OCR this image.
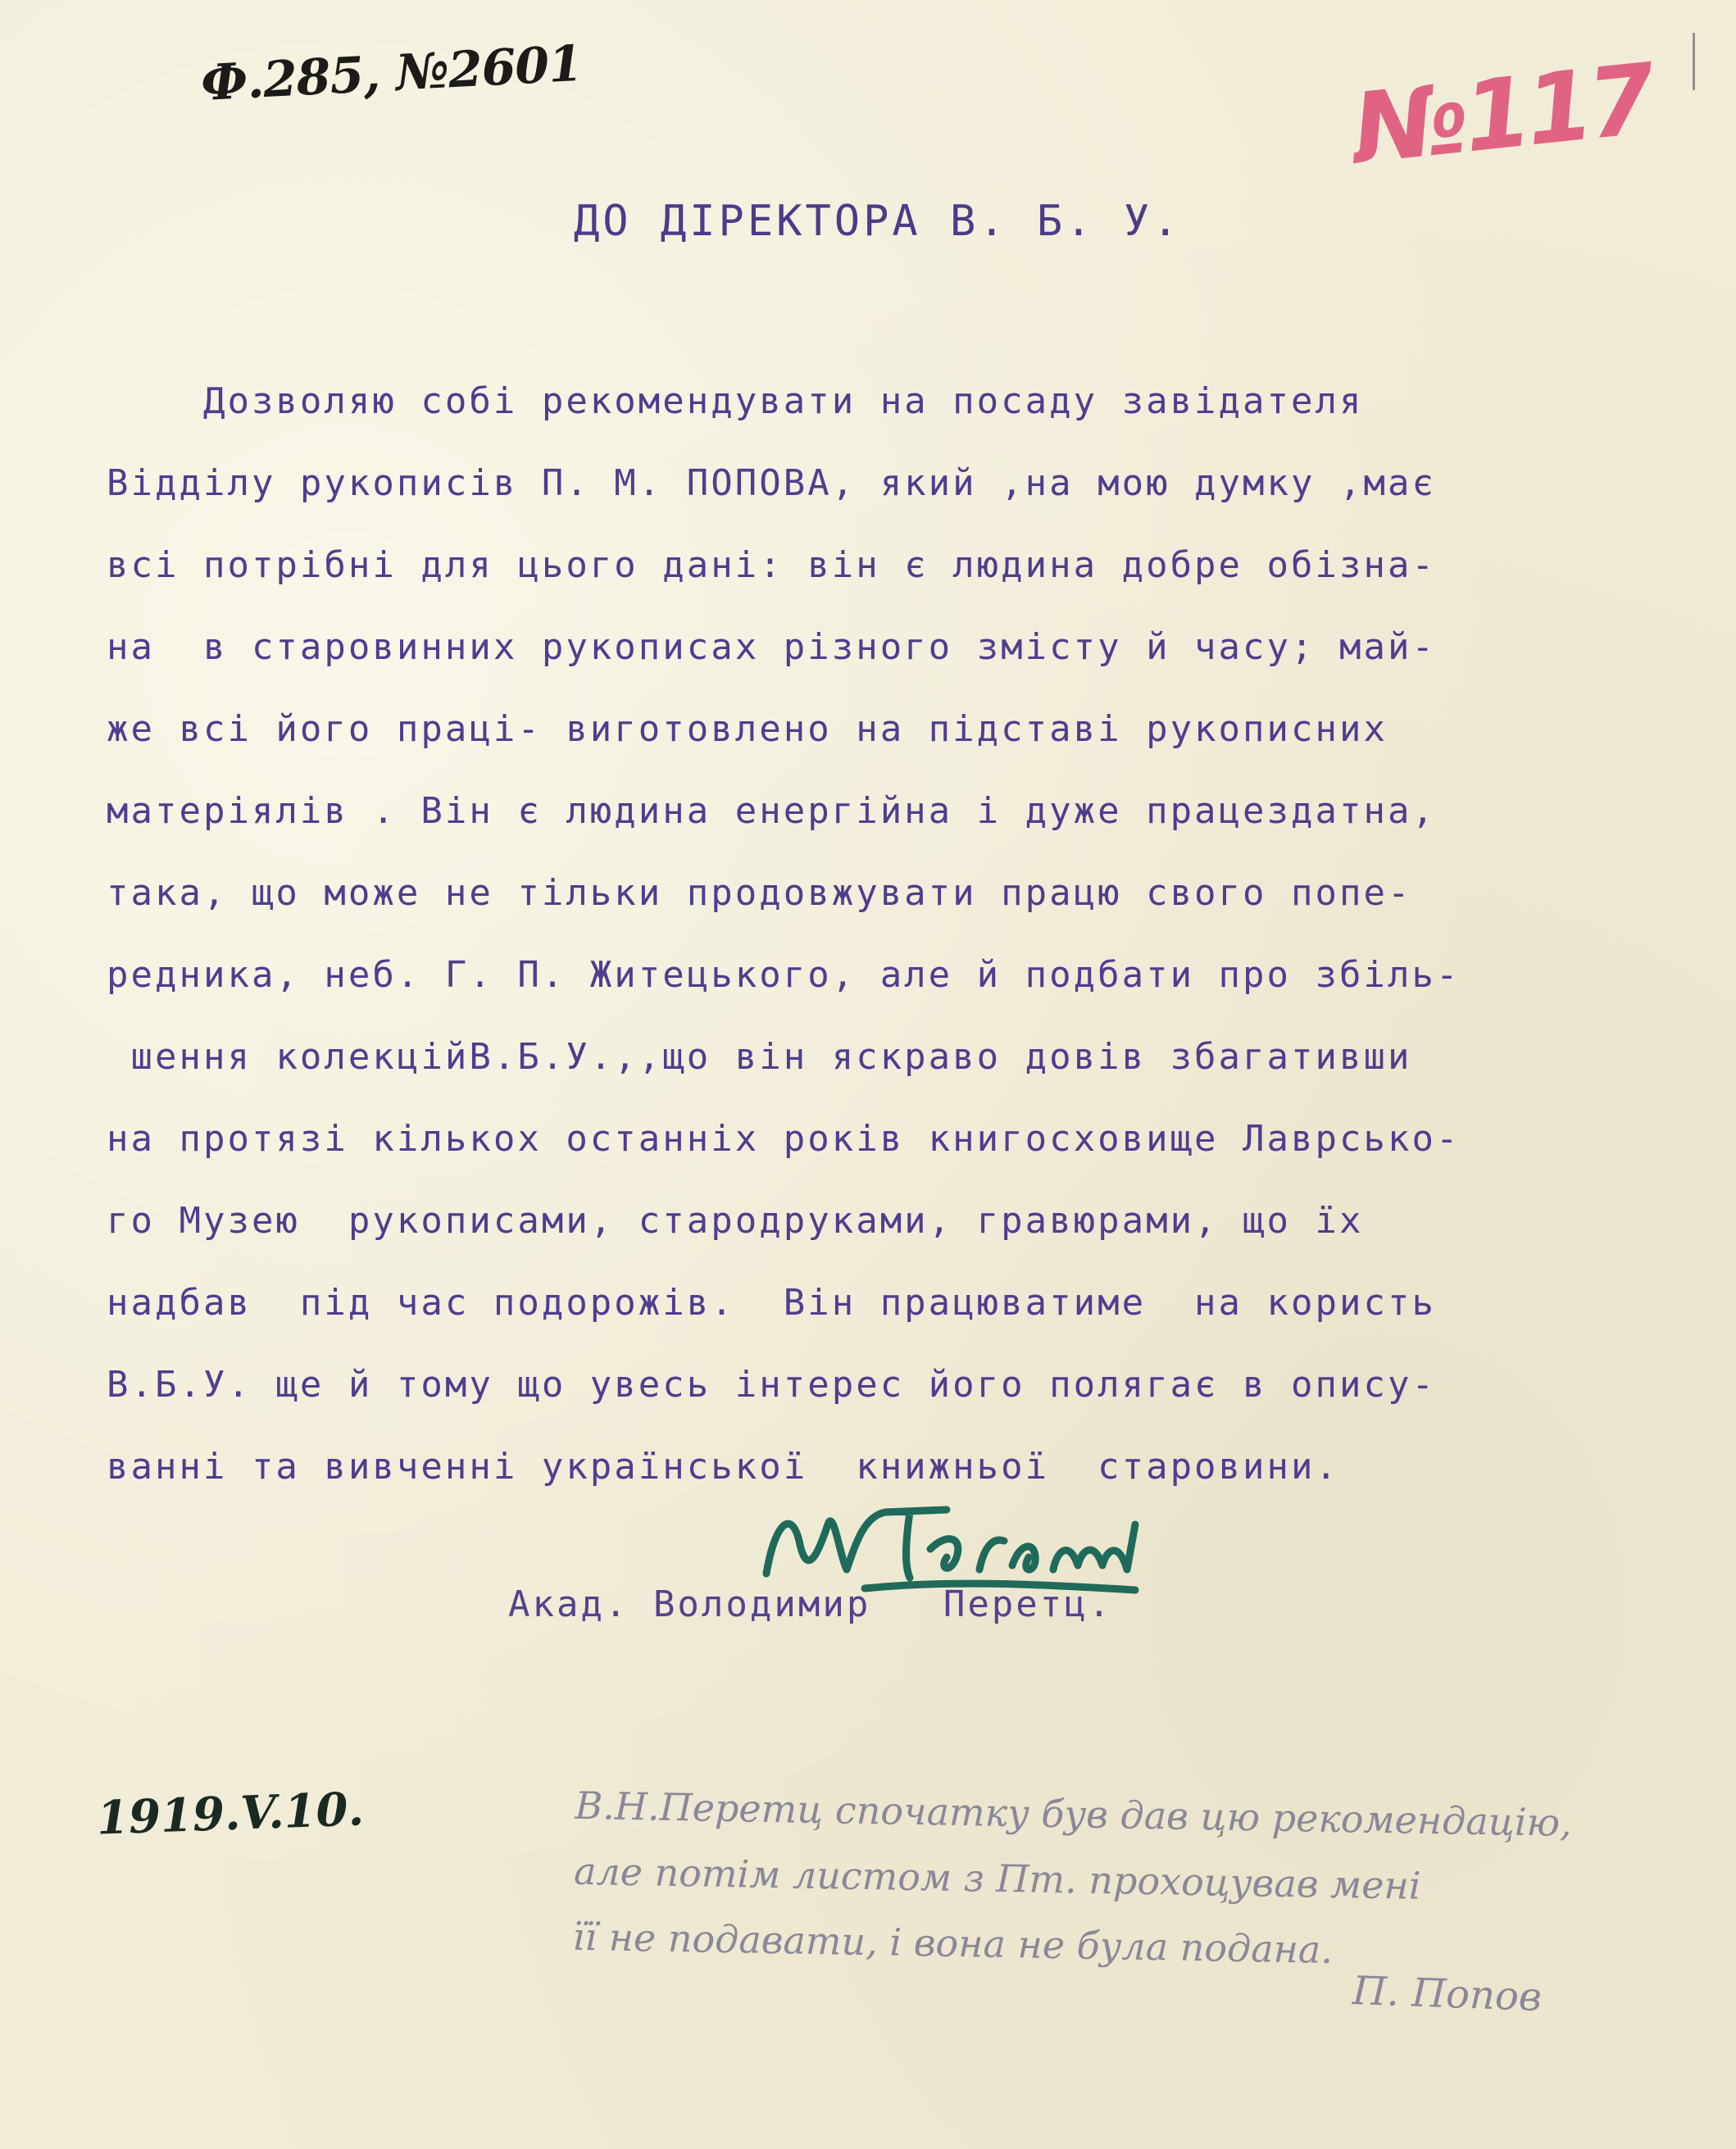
Ф.285, №2601	№117
ДО ДІРЕКТОРА В. Б. У.
Дозволяю собі рекомендувати на посаду завідателя
Відділу рукописів П. М. ПОПОВА, який ,на мою думку ,має
всі потрібні для цього дані: він є людина добре обізна-
на  в старовинних рукописах різного змісту й часу; май-
же всі його праці- виготовлено на підставі рукописних
матеріялів . Він є людина енергійна і дуже працездатна,
така, що може не тільки продовжувати працю свого попе-
редника, неб. Г. П. Житецького, але й подбати про збіль-
шення колекційВ.Б.У.,,що він яскраво довів збагативши
на протязі кількох останніх років книгосховище Лаврсько-
го Музею  рукописами, стародруками, гравюрами, що їх
надбав  під час подорожів.  Він працюватиме  на користь
В.Б.У. ще й тому що увесь інтерес його полягає в опису-
ванні та вивченні української  книжньої  старовини.
Акад. Володимир   Перетц.
1919.V.10.	В.Н.Перетц спочатку був дав цю рекомендацію,
але потім листом з Пт. прохоцував мені
її не подавати, і вона не була подана.
П. Попов
